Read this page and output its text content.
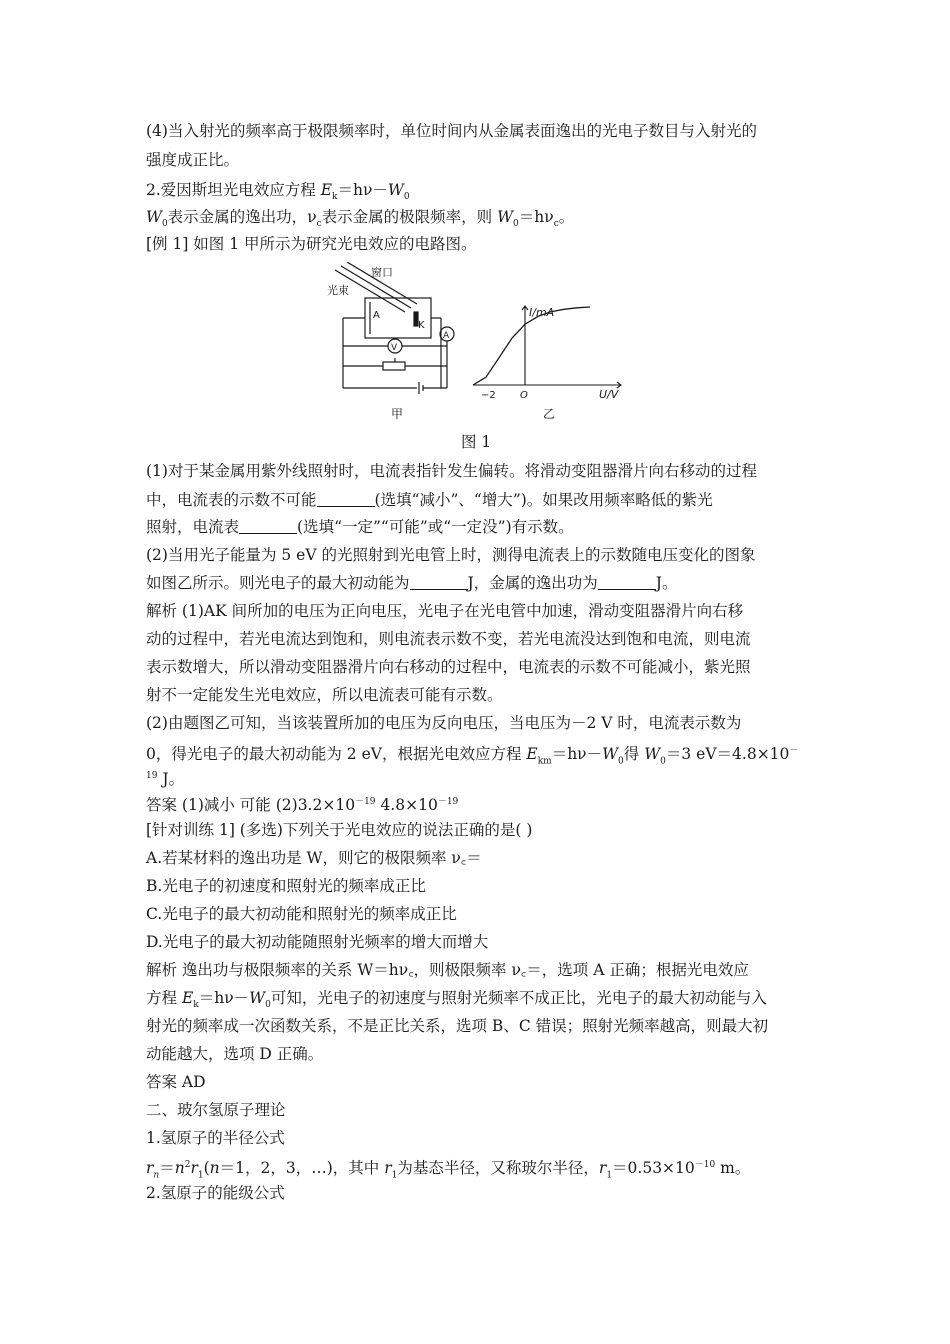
(4)当入射光的频率高于极限频率时，单位时间内从金属表面逸出的光电子数目与入射光的
强度成正比。
2.爱因斯坦光电效应方程 $E_k=h\nu-W_0$
$W_0$表示金属的逸出功，$\nu_c$表示金属的极限频率，则 $W_0=h\nu_c$。
[例 1] 如图 1 甲所示为研究光电效应的电路图。
窗口
光束
A
K
A
V
甲
I/mA
U/V
−2 O
乙
图 1
(1)对于某金属用紫外线照射时，电流表指针发生偏转。将滑动变阻器滑片向右移动的过程
中，电流表的示数不可能	(选填“减小”、“增大”)。如果改用频率略低的紫光
照射，电流表	(选填“一定”“可能”或“一定没”)有示数。
(2)当用光子能量为 5 eV 的光照射到光电管上时，测得电流表上的示数随电压变化的图象
如图乙所示。则光电子的最大初动能为	J，金属的逸出功为	J。
解析 (1)AK 间所加的电压为正向电压，光电子在光电管中加速，滑动变阻器滑片向右移
动的过程中，若光电流达到饱和，则电流表示数不变，若光电流没达到饱和电流，则电流
表示数增大，所以滑动变阻器滑片向右移动的过程中，电流表的示数不可能减小，紫光照
射不一定能发生光电效应，所以电流表可能有示数。
(2)由题图乙可知，当该装置所加的电压为反向电压，当电压为－2 V 时，电流表示数为
0，得光电子的最大初动能为 2 eV，根据光电效应方程 $E_{km}=h\nu-W_0$得 $W_0=3$ eV＝4.8×10－
$^{19}$ J。
答案 (1)减小 可能 $(2)3.2\times 10^{-19}$ $4.8\times 10^{-19}$
[针对训练 1] (多选)下列关于光电效应的说法正确的是( )
A.若某材料的逸出功是 W，则它的极限频率 ν꜀＝
B.光电子的初速度和照射光的频率成正比
C.光电子的最大初动能和照射光的频率成正比
D.光电子的最大初动能随照射光频率的增大而增大
解析 逸出功与极限频率的关系 W＝hν꜀，则极限频率 ν꜀＝，选项 A 正确；根据光电效应
方程 $E_k=h\nu-W_0$可知，光电子的初速度与照射光频率不成正比，光电子的最大初动能与入
射光的频率成一次函数关系，不是正比关系，选项 B、C 错误；照射光频率越高，则最大初
动能越大，选项 D 正确。
答案 AD
二、玻尔氢原子理论
1.氢原子的半径公式
$r_n=n^2r_1(n=1$，2，3，…)，其中 $r_1$为基态半径，又称玻尔半径，$r_1=0.53\times 10^{-10}$ m。
2.氢原子的能级公式
